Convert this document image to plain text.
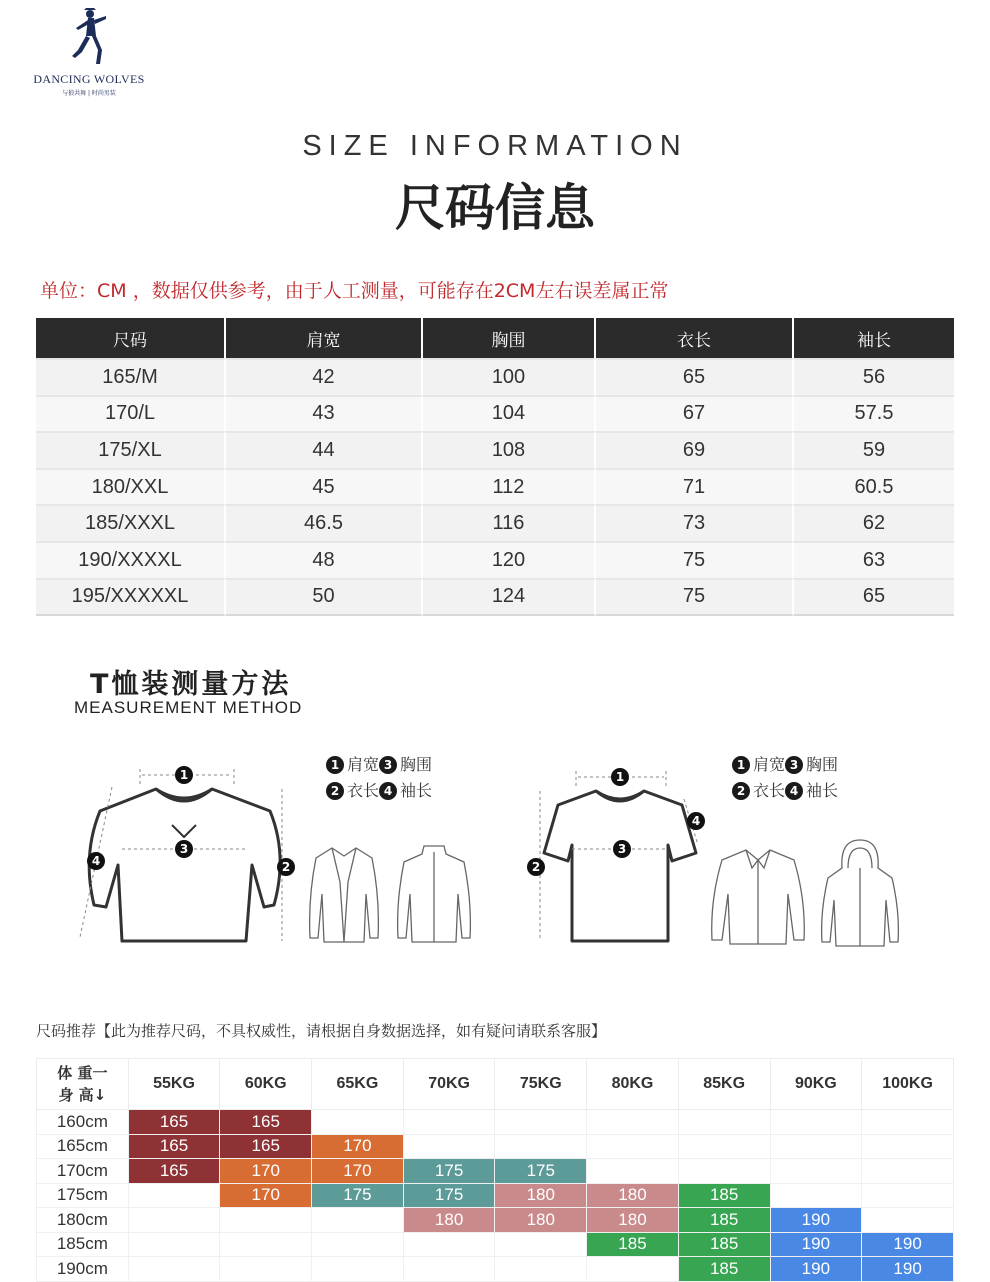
DANCING WOLVES
与狼共舞 | 时尚男装
SIZE INFORMATION
尺码信息
单位：CM ，数据仅供参考，由于人工测量，可能存在2CM左右误差属正常
尺码	肩宽	胸围	衣长	袖长
165/M	42	100	65	56
170/L	43	104	67	57.5
175/XL	44	108	69	59
180/XXL	45	112	71	60.5
185/XXXL	46.5	116	73	62
190/XXXXL	48	120	75	63
195/XXXXXL	50	124	75	65
T恤装测量方法
MEASUREMENT METHOD
1
3
2
4
1 肩宽 3 胸围
2 衣长 4 袖长
1
3
2
4
1 肩宽 3 胸围
2 衣长 4 袖长
尺码推荐【此为推荐尺码，不具权威性，请根据自身数据选择，如有疑问请联系客服】
体 重一
身 高↓	55KG	60KG	65KG	70KG	75KG	80KG	85KG	90KG	100KG
160cm	165	165							
165cm	165	165	170						
170cm	165	170	170	175	175				
175cm		170	175	175	180	180	185		
180cm				180	180	180	185	190	
185cm						185	185	190	190
190cm							185	190	190
